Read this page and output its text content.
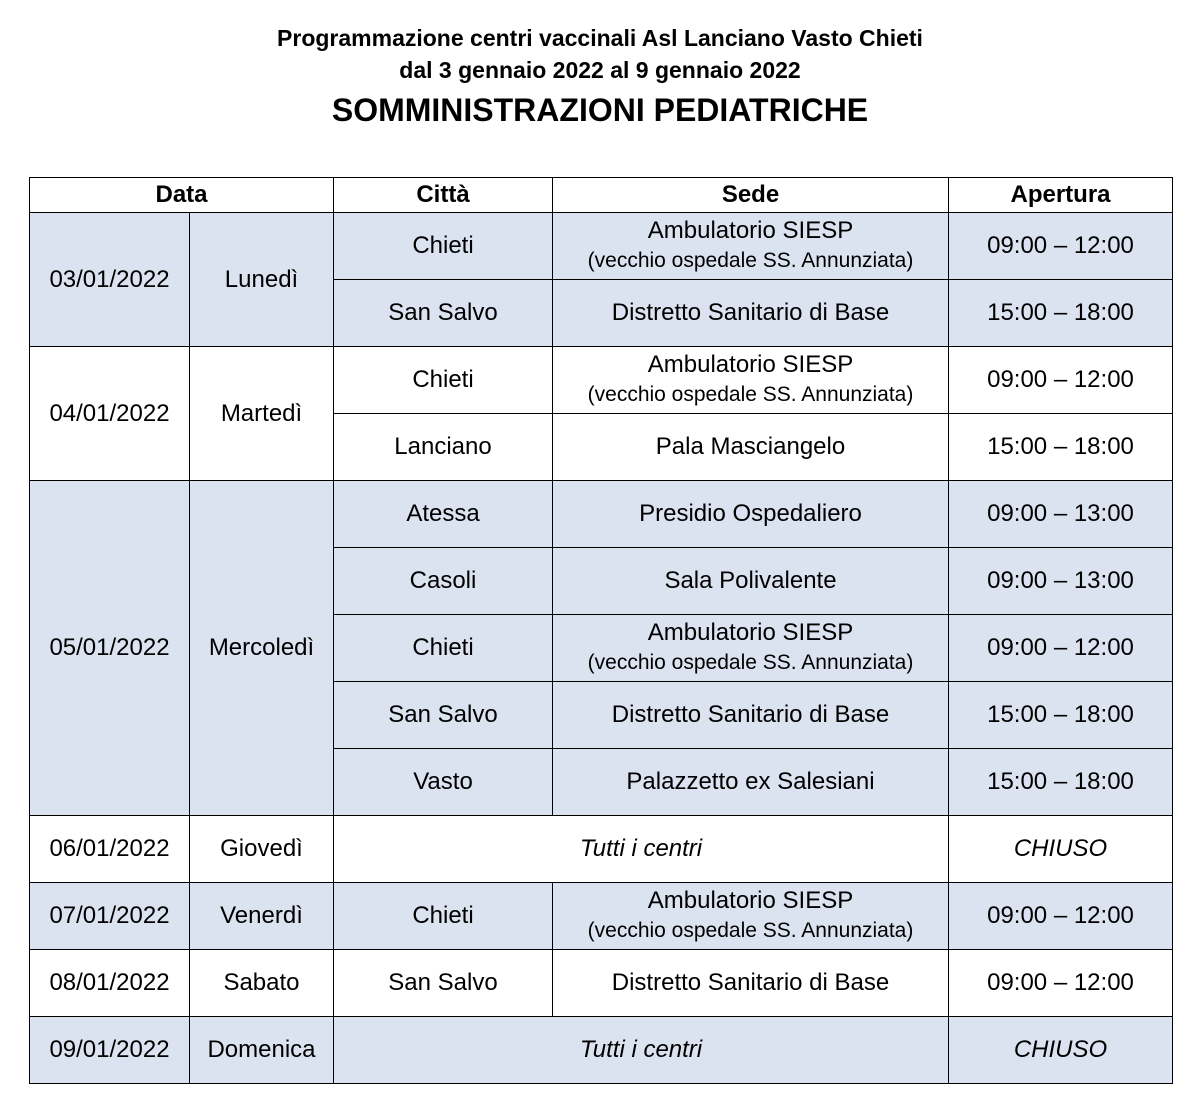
Programmazione centri vaccinali Asl Lanciano Vasto Chieti
dal 3 gennaio 2022 al 9 gennaio 2022
SOMMINISTRAZIONI PEDIATRICHE
Data		Città	Sede	Apertura
03/01/2022	Lunedì	Chieti	Ambulatorio SIESP
(vecchio ospedale SS. Annunziata)	09:00 – 12:00
		San Salvo	Distretto Sanitario di Base	15:00 – 18:00
04/01/2022	Martedì	Chieti	Ambulatorio SIESP
(vecchio ospedale SS. Annunziata)	09:00 – 12:00
		Lanciano	Pala Masciangelo	15:00 – 18:00
05/01/2022	Mercoledì	Atessa	Presidio Ospedaliero	09:00 – 13:00
		Casoli	Sala Polivalente	09:00 – 13:00
		Chieti	Ambulatorio SIESP
(vecchio ospedale SS. Annunziata)	09:00 – 12:00
		San Salvo	Distretto Sanitario di Base	15:00 – 18:00
		Vasto	Palazzetto ex Salesiani	15:00 – 18:00
06/01/2022	Giovedì	Tutti i centri		CHIUSO
07/01/2022	Venerdì	Chieti	Ambulatorio SIESP
(vecchio ospedale SS. Annunziata)	09:00 – 12:00
08/01/2022	Sabato	San Salvo	Distretto Sanitario di Base	09:00 – 12:00
09/01/2022	Domenica	Tutti i centri		CHIUSO
